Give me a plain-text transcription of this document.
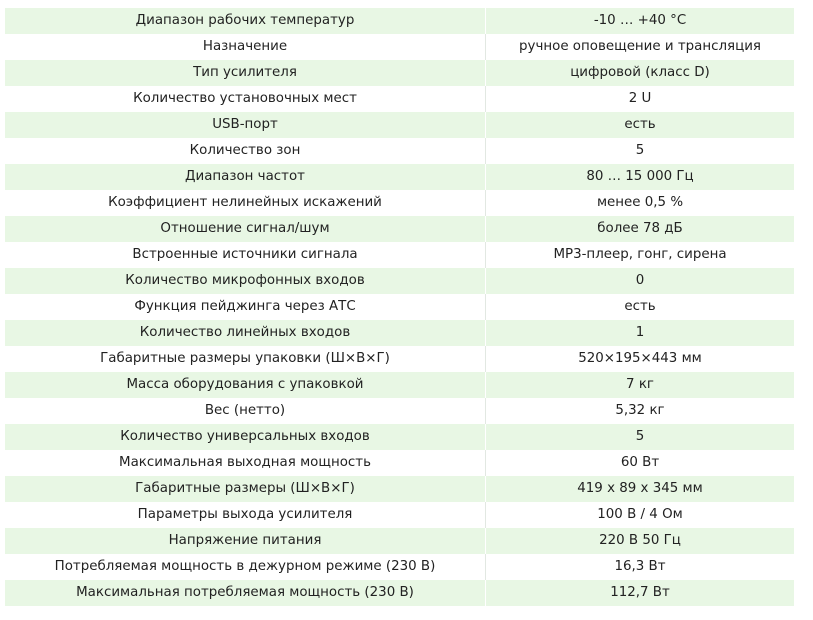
Диапазон рабочих температур	-10 … +40 °С
Назначение	ручное оповещение и трансляция
Тип усилителя	цифровой (класс D)
Количество установочных мест	2 U
USB-порт	есть
Количество зон	5
Диапазон частот	80 … 15 000 Гц
Коэффициент нелинейных искажений	менее 0,5 %
Отношение сигнал/шум	более 78 дБ
Встроенные источники сигнала	MP3-плеер, гонг, сирена
Количество микрофонных входов	0
Функция пейджинга через АТС	есть
Количество линейных входов	1
Габаритные размеры упаковки (Ш×В×Г)	520×195×443 мм
Масса оборудования с упаковкой	7 кг
Вес (нетто)	5,32 кг
Количество универсальных входов	5
Максимальная выходная мощность	60 Вт
Габаритные размеры (Ш×В×Г)	419 x 89 x 345 мм
Параметры выхода усилителя	100 В / 4 Ом
Напряжение питания	220 В 50 Гц
Потребляемая мощность в дежурном режиме (230 В)	16,3 Вт
Максимальная потребляемая мощность (230 В)	112,7 Вт
